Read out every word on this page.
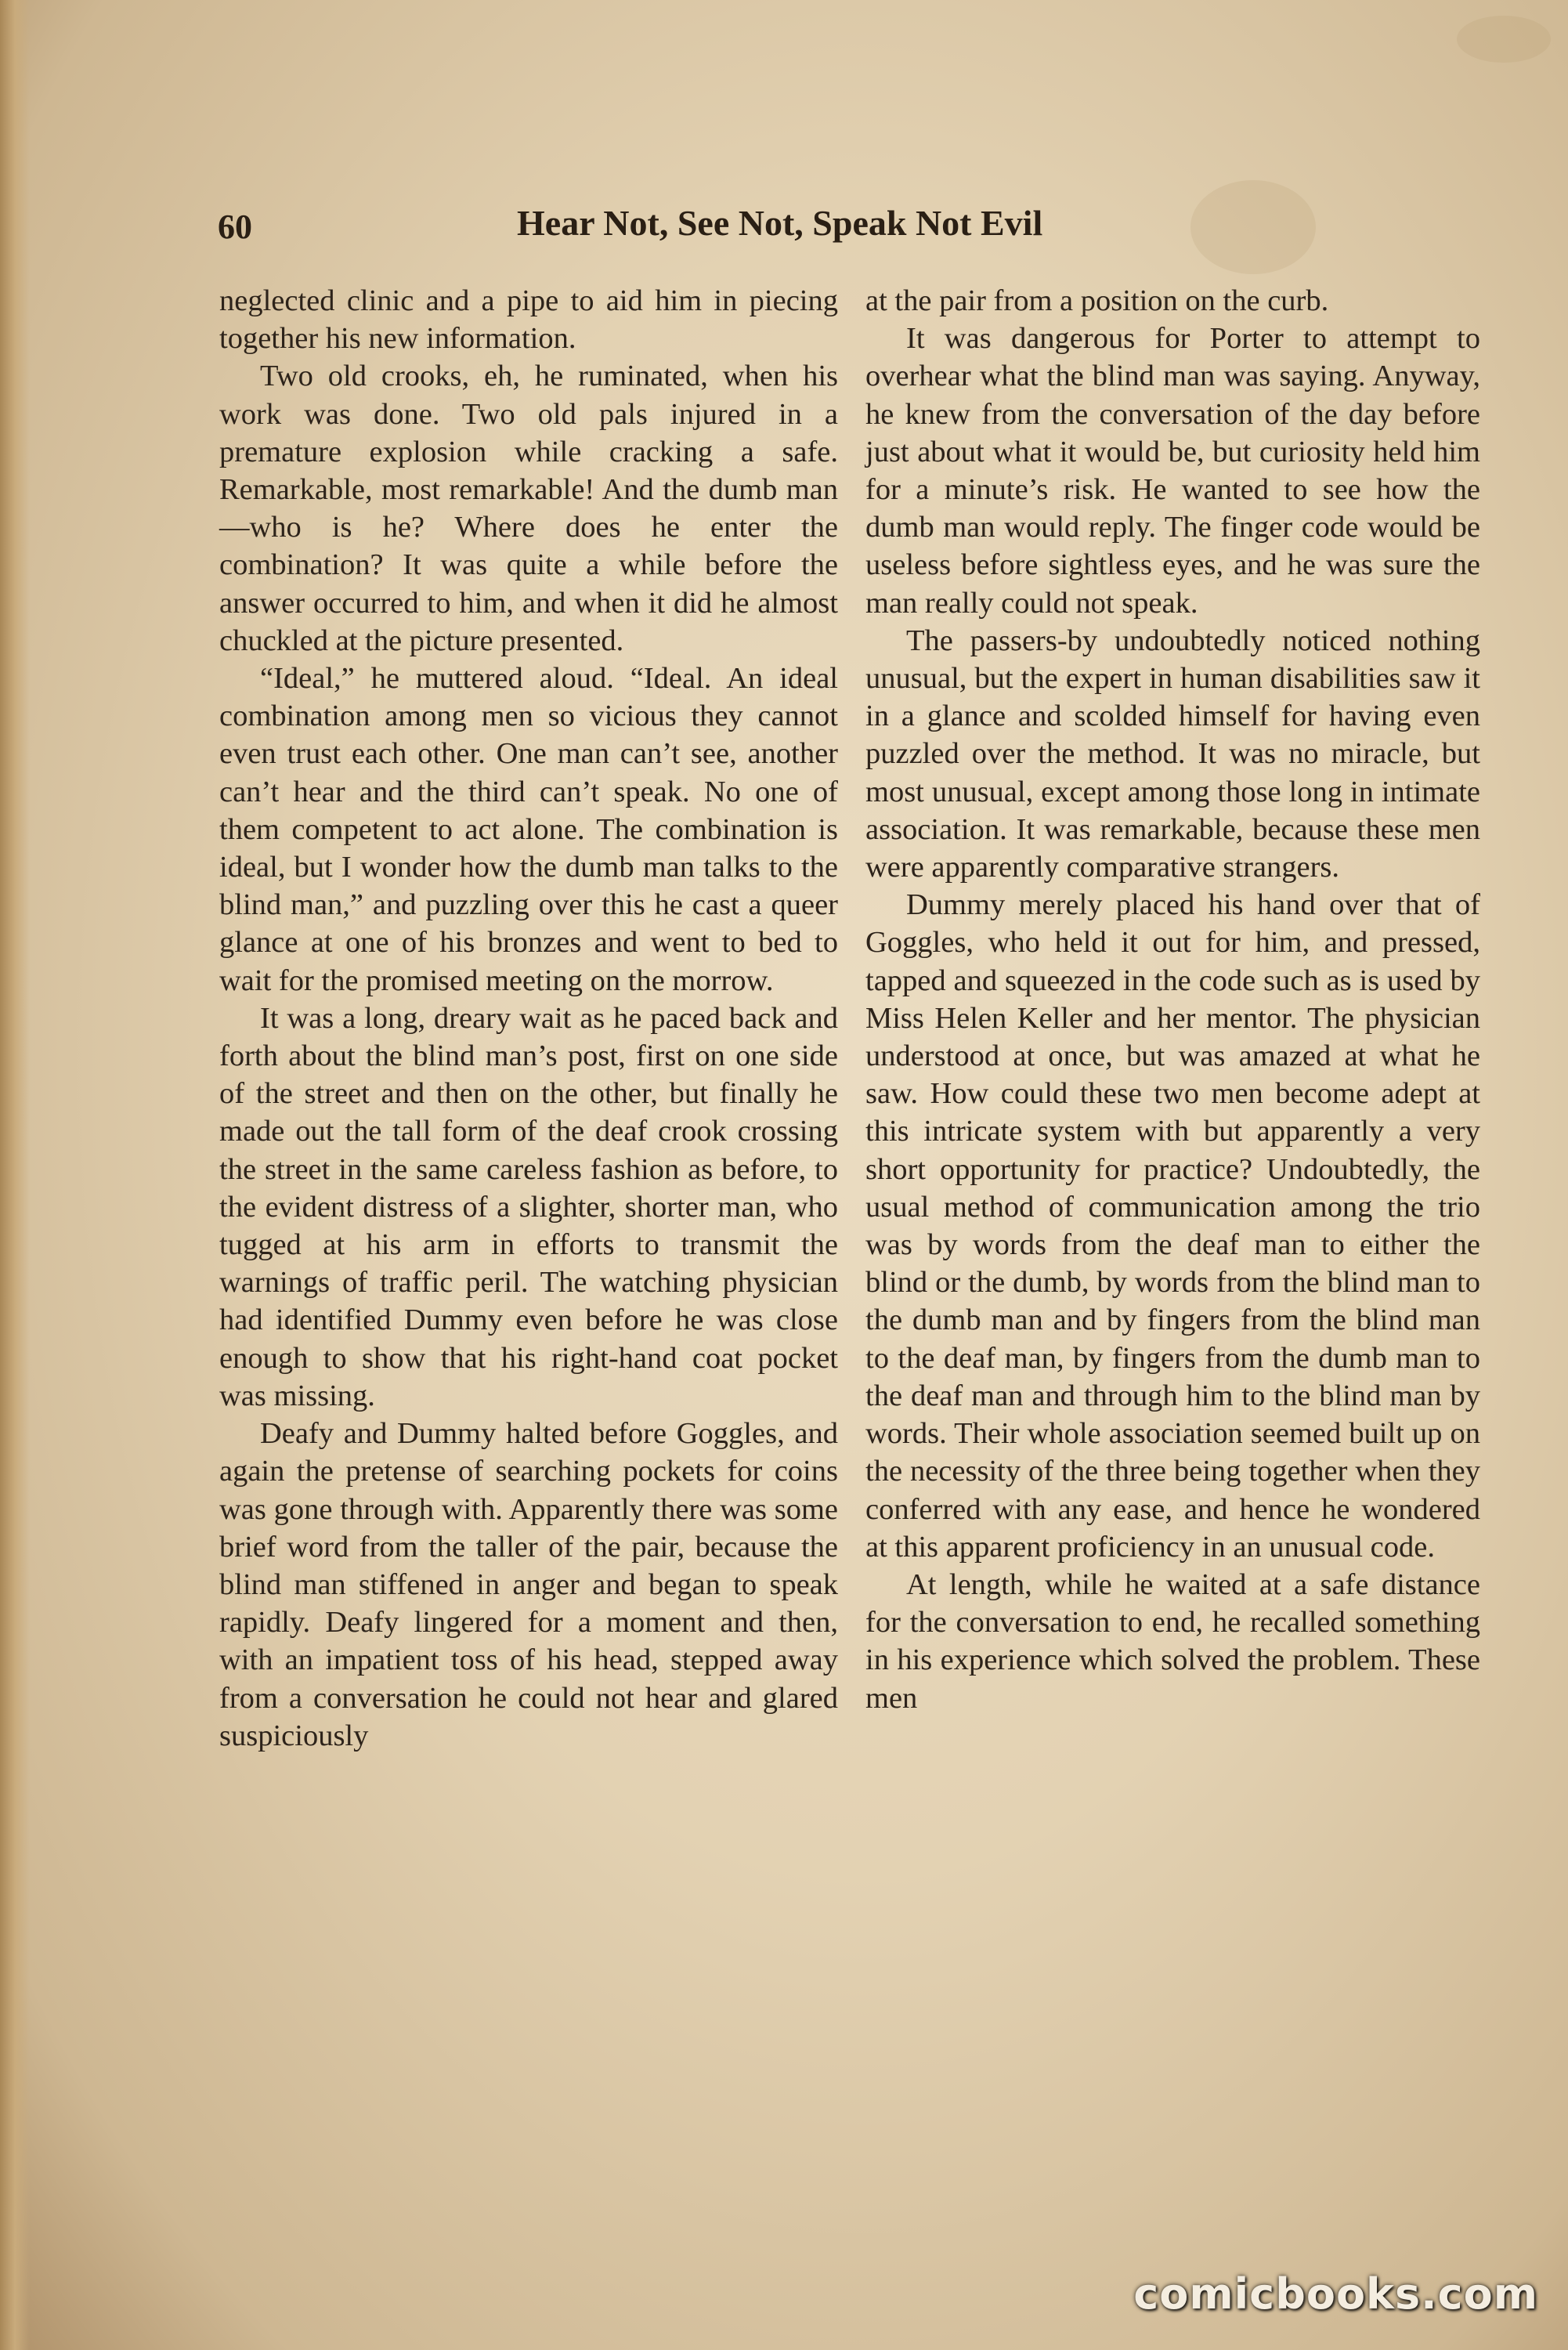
60	Hear Not, See Not, Speak Not Evil

neglected clinic and a pipe to aid him in piecing together his new information.

Two old crooks, eh, he ruminated, when his work was done. Two old pals injured in a premature explosion while cracking a safe. Remarkable, most remarkable! And the dumb man—who is he? Where does he enter the combination? It was quite a while before the answer occurred to him, and when it did he almost chuckled at the picture presented.

“Ideal,” he muttered aloud. “Ideal. An ideal combination among men so vicious they cannot even trust each other. One man can’t see, another can’t hear and the third can’t speak. No one of them competent to act alone. The combination is ideal, but I wonder how the dumb man talks to the blind man,” and puzzling over this he cast a queer glance at one of his bronzes and went to bed to wait for the promised meeting on the morrow.

It was a long, dreary wait as he paced back and forth about the blind man’s post, first on one side of the street and then on the other, but finally he made out the tall form of the deaf crook crossing the street in the same careless fashion as before, to the evident distress of a slighter, shorter man, who tugged at his arm in efforts to transmit the warnings of traffic peril. The watching physician had identified Dummy even before he was close enough to show that his right-hand coat pocket was missing.

Deafy and Dummy halted before Goggles, and again the pretense of searching pockets for coins was gone through with. Apparently there was some brief word from the taller of the pair, because the blind man stiffened in anger and began to speak rapidly. Deafy lingered for a moment and then, with an impatient toss of his head, stepped away from a conversation he could not hear and glared suspiciously

at the pair from a position on the curb.

It was dangerous for Porter to attempt to overhear what the blind man was saying. Anyway, he knew from the conversation of the day before just about what it would be, but curiosity held him for a minute’s risk. He wanted to see how the dumb man would reply. The finger code would be useless before sightless eyes, and he was sure the man really could not speak.

The passers-by undoubtedly noticed nothing unusual, but the expert in human disabilities saw it in a glance and scolded himself for having even puzzled over the method. It was no miracle, but most unusual, except among those long in intimate association. It was remarkable, because these men were apparently comparative strangers.

Dummy merely placed his hand over that of Goggles, who held it out for him, and pressed, tapped and squeezed in the code such as is used by Miss Helen Keller and her mentor. The physician understood at once, but was amazed at what he saw. How could these two men become adept at this intricate system with but apparently a very short opportunity for practice? Undoubtedly, the usual method of communication among the trio was by words from the deaf man to either the blind or the dumb, by words from the blind man to the dumb man and by fingers from the blind man to the deaf man, by fingers from the dumb man to the deaf man and through him to the blind man by words. Their whole association seemed built up on the necessity of the three being together when they conferred with any ease, and hence he wondered at this apparent proficiency in an unusual code.

At length, while he waited at a safe distance for the conversation to end, he recalled something in his experience which solved the problem. These men

comicbooks.com
